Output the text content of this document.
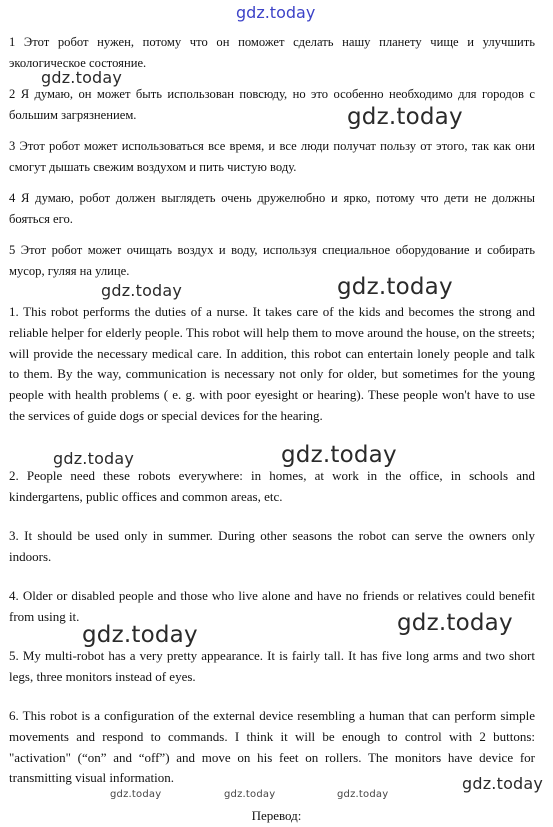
gdz.today

1 Этот робот нужен, потому что он поможет сделать нашу планету чище и улучшить экологическое состояние.

2 Я думаю, он может быть использован повсюду, но это особенно необходимо для городов с большим загрязнением.

3 Этот робот может использоваться все время, и все люди получат пользу от этого, так как они смогут дышать свежим воздухом и пить чистую воду.

4 Я думаю, робот должен выглядеть очень дружелюбно и ярко, потому что дети не должны бояться его.

5 Этот робот может очищать воздух и воду, используя специальное оборудование и собирать мусор, гуляя на улице.

1. This robot performs the duties of a nurse. It takes care of the kids and becomes the strong and reliable helper for elderly people. This robot will help them to move around the house, on the streets; will provide the necessary medical care. In addition, this robot can entertain lonely people and talk to them. By the way, communication is necessary not only for older, but sometimes for the young people with health problems ( e. g. with poor eyesight or hearing). These people won't have to use the services of guide dogs or special devices for the hearing.

2. People need these robots everywhere: in homes, at work in the office, in schools and kindergartens, public offices and common areas, etc.

3. It should be used only in summer. During other seasons the robot can serve the owners only indoors.

4. Older or disabled people and those who live alone and have no friends or relatives could benefit from using it.

5. My multi-robot has a very pretty appearance. It is fairly tall. It has five long arms and two short legs, three monitors instead of eyes.

6. This robot is a configuration of the external device resembling a human that can perform simple movements and respond to commands. I think it will be enough to control with 2 buttons: "activation" (“on” and “off”) and move on his feet on rollers. The monitors have device for transmitting visual information.

gdz.today
gdz.today
gdz.today	gdz.today
gdz.today	gdz.today
gdz.today
gdz.today
gdz.today
gdz.today	gdz.today	gdz.today
Перевод:
